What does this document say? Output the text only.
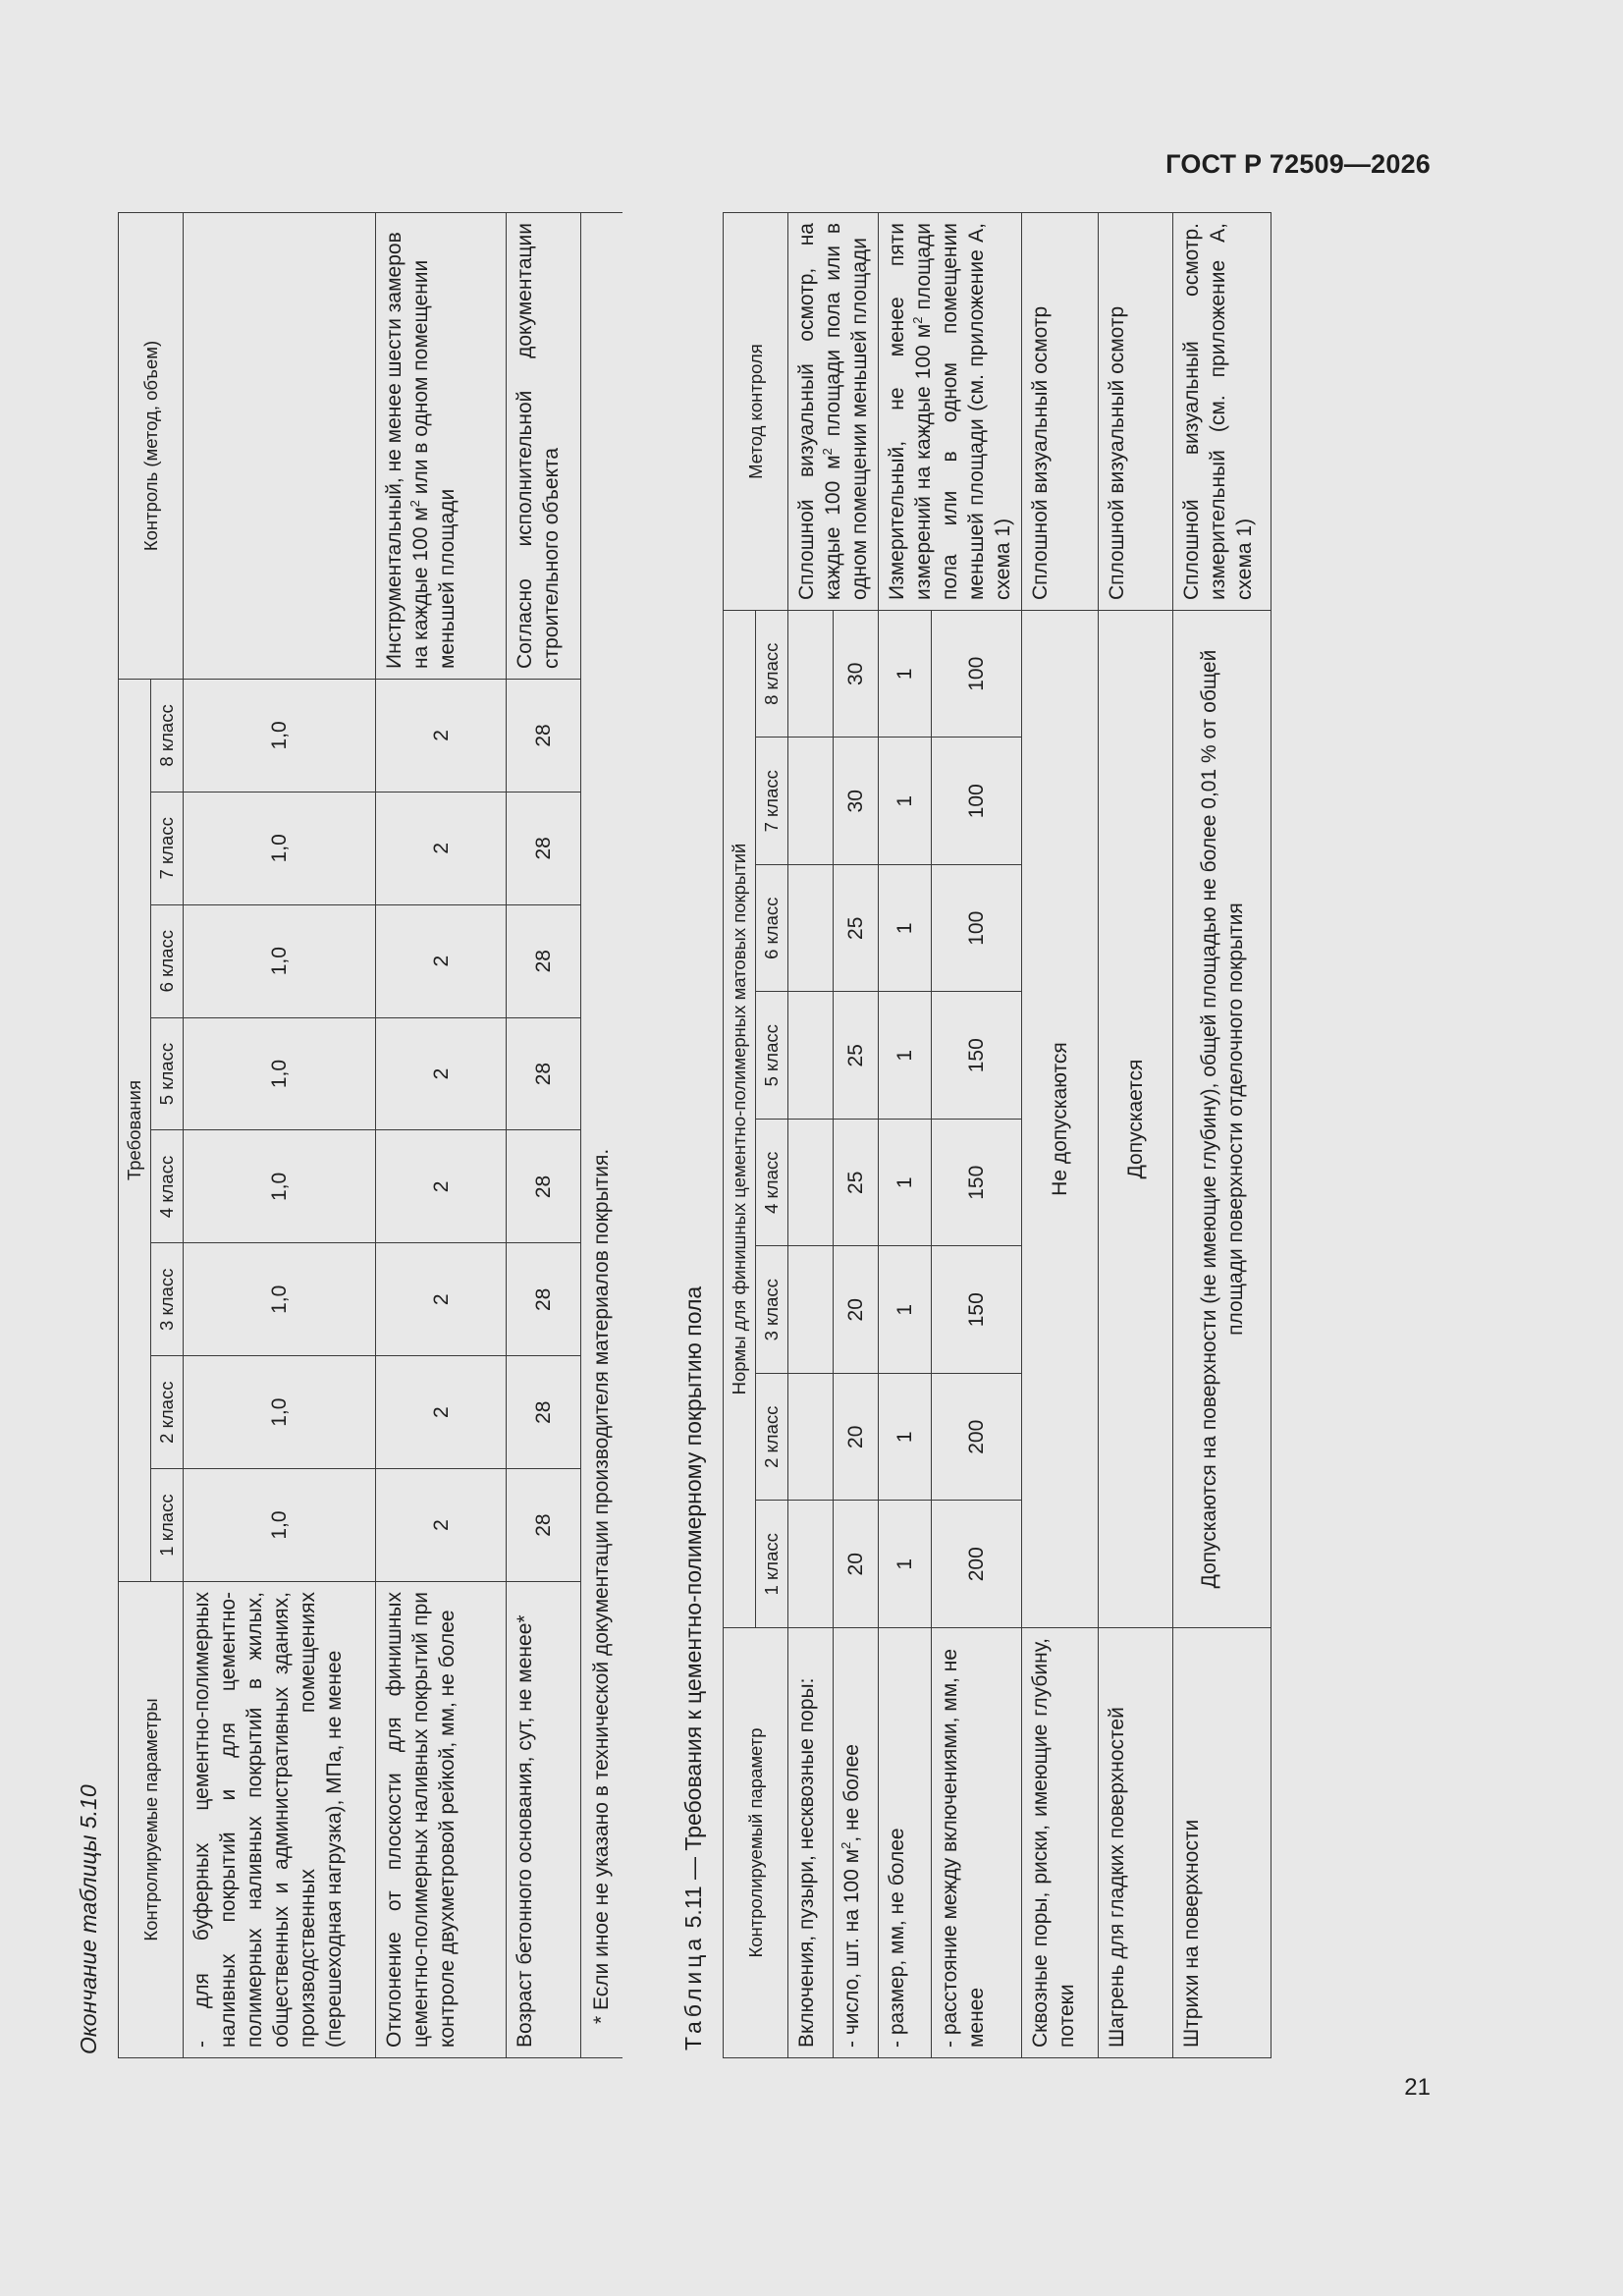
ГОСТ Р 72509—2026
Окончание таблицы 5.10	Контролируемые параметры	Требования								Контроль (метод, объем)
	1 класс	2 класс	3 класс	4 класс	5 класс	6 класс	7 класс	8 класс	
- для буферных цементно-полимерных наливных покрытий и для цементно-полимерных наливных покрытий в жилых, общественных и административных зданиях, производственных помещениях (перешеходная нагрузка), МПа, не менее	1,0	1,0	1,0	1,0	1,0	1,0	1,0	1,0	
Отклонение от плоскости для финишных цементно-полимерных наливных покрытий при контроле двухметровой рейкой, мм, не более	2	2	2	2	2	2	2	2	Инструментальный, не менее шести замеров на каждые 100 $м^2$ или в одном помещении меньшей площади
Возраст бетонного основания, сут, не менее*	28	28	28	28	28	28	28	28	Согласно исполнительной документации строительного объекта
* Если иное не указано в технической документации производителя материалов покрытия.										Таблица 5.11 — Требования к цементно-полимерному покрытию пола	Контролируемый параметр	Нормы для финишных цементно-полимерных матовых покрытий								Метод контроля
	1 класс	2 класс	3 класс	4 класс	5 класс	6 класс	7 класс	8 класс	
Включения, пузыри, несквозные поры:									Сплошной визуальный осмотр, на каждые 100 $м^2$ площади пола или в одном помещении меньшей площади
- число, шт. на 100 $м^2$, не более	20	20	20	25	25	25	30	30	
- размер, мм, не более	1	1	1	1	1	1	1	1	Измерительный, не менее пяти измерений на каждые 100 $м^2$ площади пола или в одном помещении меньшей площади (см. приложение А, схема 1)
- расстояние между включениями, мм, не менее	200	200	150	150	150	100	100	100	
Сквозные поры, риски, имеющие глубину, потеки	Не допускаются								Сплошной визуальный осмотр
Шагрень для гладких поверхностей	Допускается								Сплошной визуальный осмотр
Штрихи на поверхности	Допускаются на поверхности (не имеющие глубину), общей площадью не более 0,01 % от общей площади поверхности отделочного покрытия								Сплошной визуальный осмотр. измерительный (см. приложение А, схема 1)
21
